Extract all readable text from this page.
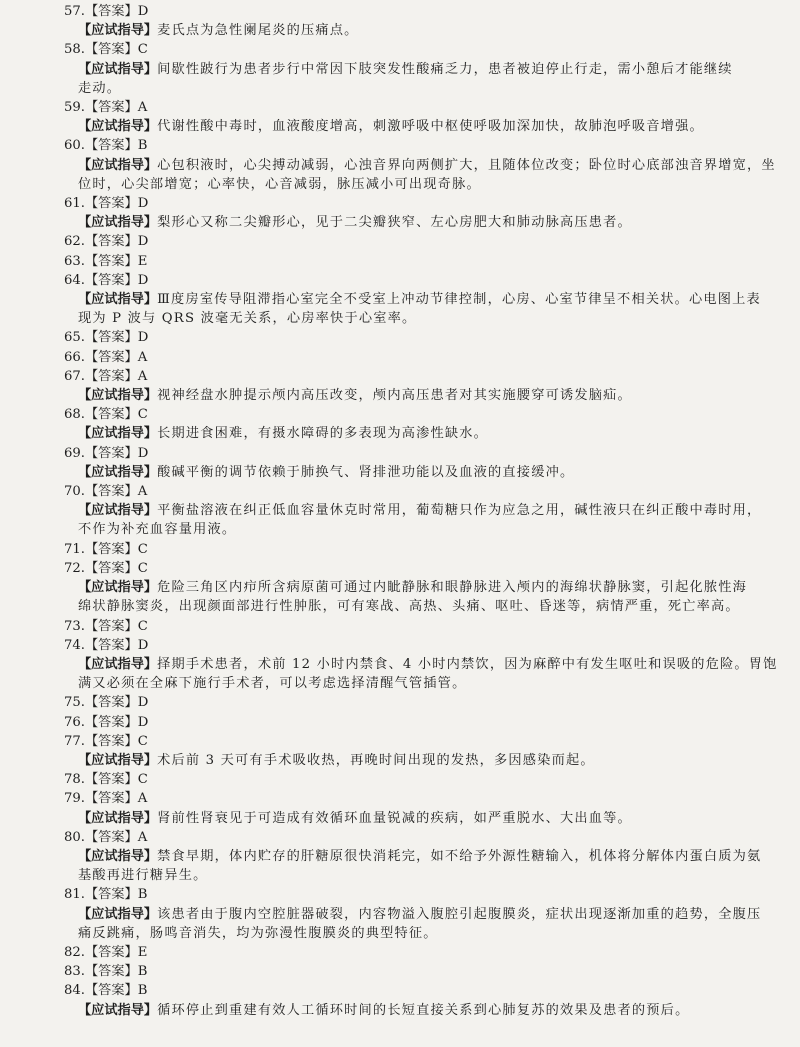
57.【答案】D
【应试指导】麦氏点为急性阑尾炎的压痛点。
58.【答案】C
【应试指导】间歇性跛行为患者步行中常因下肢突发性酸痛乏力，患者被迫停止行走，需小憩后才能继续
走动。
59.【答案】A
【应试指导】代谢性酸中毒时，血液酸度增高，刺激呼吸中枢使呼吸加深加快，故肺泡呼吸音增强。
60.【答案】B
【应试指导】心包积液时，心尖搏动减弱，心浊音界向两侧扩大，且随体位改变；卧位时心底部浊音界增宽，坐
位时，心尖部增宽；心率快，心音减弱，脉压减小可出现奇脉。
61.【答案】D
【应试指导】梨形心又称二尖瓣形心，见于二尖瓣狭窄、左心房肥大和肺动脉高压患者。
62.【答案】D
63.【答案】E
64.【答案】D
【应试指导】Ⅲ度房室传导阻滞指心室完全不受室上冲动节律控制，心房、心室节律呈不相关状。心电图上表
现为 P 波与 QRS 波毫无关系，心房率快于心室率。
65.【答案】D
66.【答案】A
67.【答案】A
【应试指导】视神经盘水肿提示颅内高压改变，颅内高压患者对其实施腰穿可诱发脑疝。
68.【答案】C
【应试指导】长期进食困难，有摄水障碍的多表现为高渗性缺水。
69.【答案】D
【应试指导】酸碱平衡的调节依赖于肺换气、肾排泄功能以及血液的直接缓冲。
70.【答案】A
【应试指导】平衡盐溶液在纠正低血容量休克时常用，葡萄糖只作为应急之用，碱性液只在纠正酸中毒时用，
不作为补充血容量用液。
71.【答案】C
72.【答案】C
【应试指导】危险三角区内疖所含病原菌可通过内眦静脉和眼静脉进入颅内的海绵状静脉窦，引起化脓性海
绵状静脉窦炎，出现颜面部进行性肿胀，可有寒战、高热、头痛、呕吐、昏迷等，病情严重，死亡率高。
73.【答案】C
74.【答案】D
【应试指导】择期手术患者，术前 12 小时内禁食、4 小时内禁饮，因为麻醉中有发生呕吐和误吸的危险。胃饱
满又必须在全麻下施行手术者，可以考虑选择清醒气管插管。
75.【答案】D
76.【答案】D
77.【答案】C
【应试指导】术后前 3 天可有手术吸收热，再晚时间出现的发热，多因感染而起。
78.【答案】C
79.【答案】A
【应试指导】肾前性肾衰见于可造成有效循环血量锐减的疾病，如严重脱水、大出血等。
80.【答案】A
【应试指导】禁食早期，体内贮存的肝糖原很快消耗完，如不给予外源性糖输入，机体将分解体内蛋白质为氨
基酸再进行糖异生。
81.【答案】B
【应试指导】该患者由于腹内空腔脏器破裂，内容物溢入腹腔引起腹膜炎，症状出现逐渐加重的趋势，全腹压
痛反跳痛，肠鸣音消失，均为弥漫性腹膜炎的典型特征。
82.【答案】E
83.【答案】B
84.【答案】B
【应试指导】循环停止到重建有效人工循环时间的长短直接关系到心肺复苏的效果及患者的预后。
